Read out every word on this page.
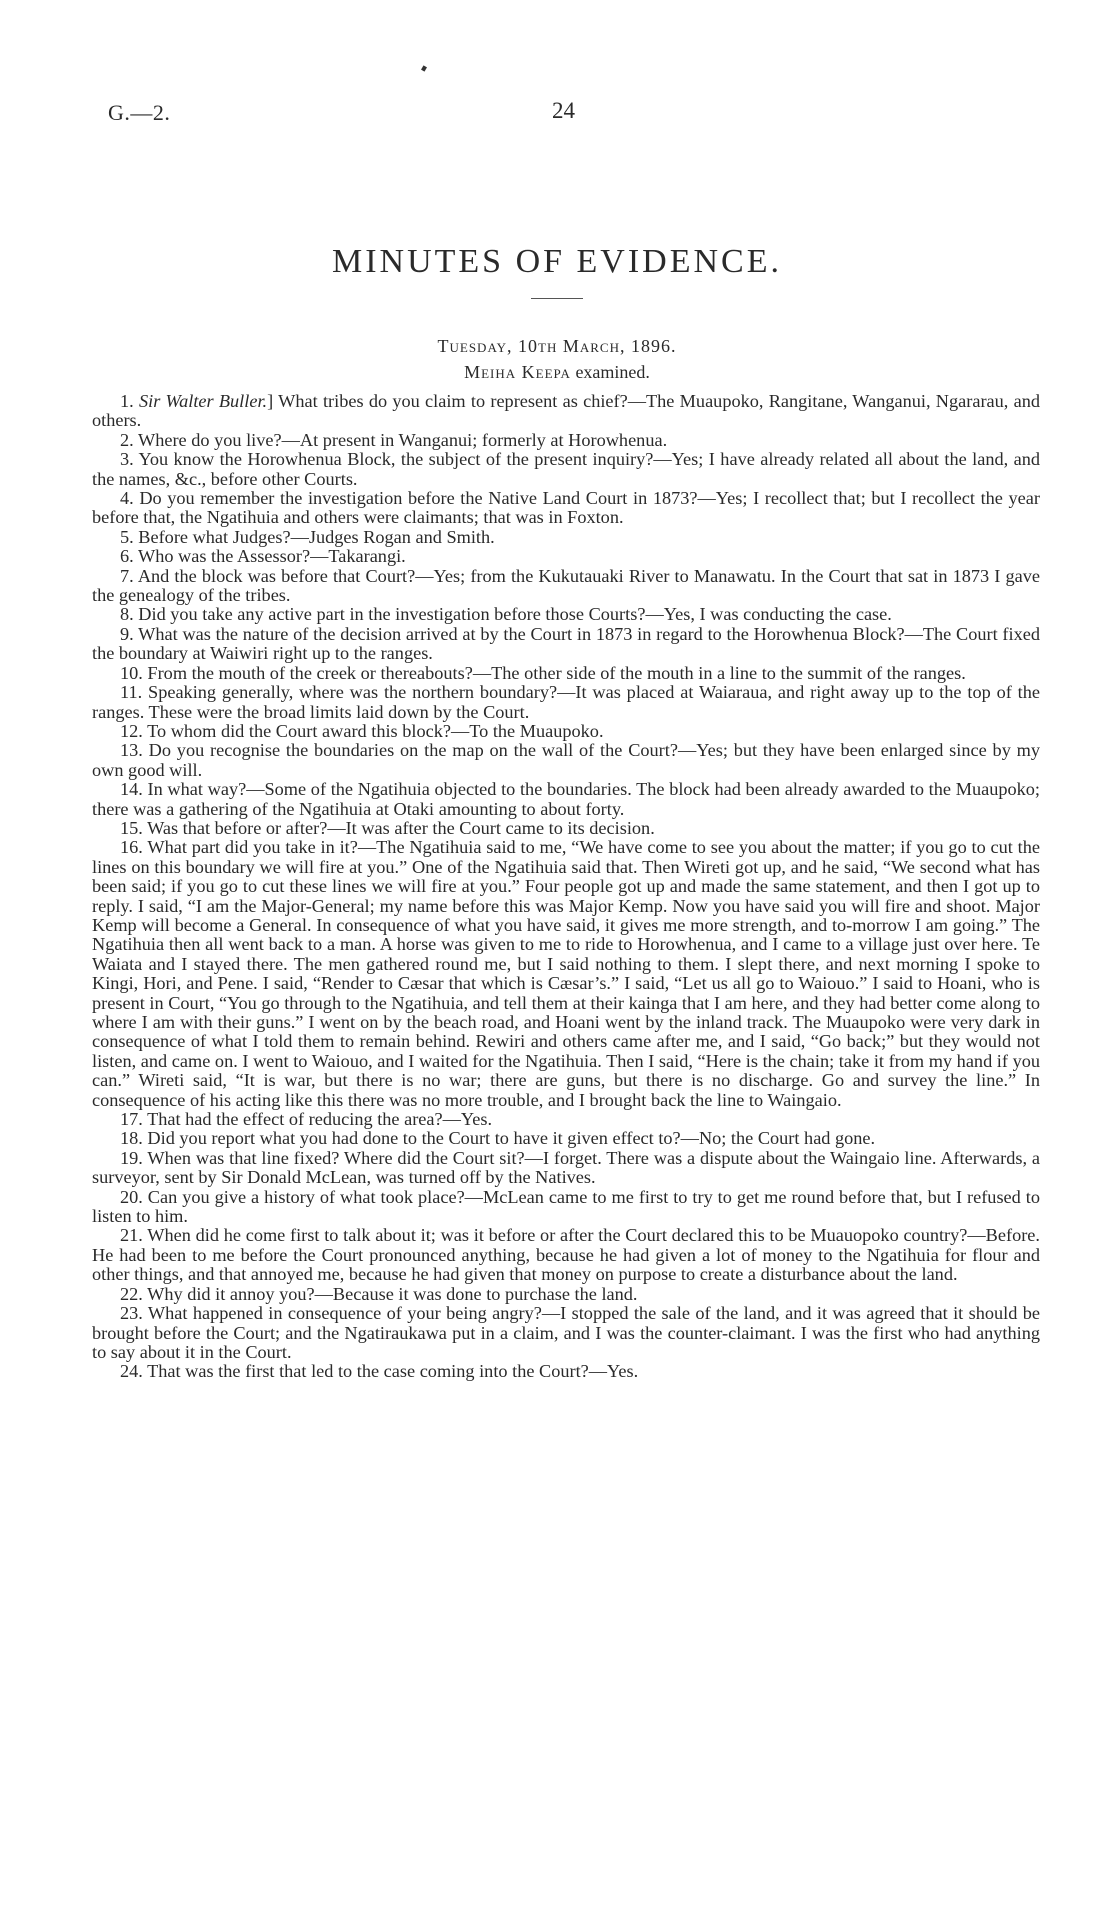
G.—2.	24
MINUTES OF EVIDENCE.
Tuesday, 10th March, 1896.
Meiha Keepa examined.

1. Sir Walter Buller.] What tribes do you claim to represent as chief?—The Muaupoko, Rangitane, Wanganui, Ngararau, and others.

2. Where do you live?—At present in Wanganui; formerly at Horowhenua.

3. You know the Horowhenua Block, the subject of the present inquiry?—Yes; I have already related all about the land, and the names, &c., before other Courts.

4. Do you remember the investigation before the Native Land Court in 1873?—Yes; I recollect that; but I recollect the year before that, the Ngatihuia and others were claimants; that was in Foxton.

5. Before what Judges?—Judges Rogan and Smith.

6. Who was the Assessor?—Takarangi.

7. And the block was before that Court?—Yes; from the Kukutauaki River to Manawatu. In the Court that sat in 1873 I gave the genealogy of the tribes.

8. Did you take any active part in the investigation before those Courts?—Yes, I was conducting the case.

9. What was the nature of the decision arrived at by the Court in 1873 in regard to the Horowhenua Block?—The Court fixed the boundary at Waiwiri right up to the ranges.

10. From the mouth of the creek or thereabouts?—The other side of the mouth in a line to the summit of the ranges.

11. Speaking generally, where was the northern boundary?—It was placed at Waiaraua, and right away up to the top of the ranges. These were the broad limits laid down by the Court.

12. To whom did the Court award this block?—To the Muaupoko.

13. Do you recognise the boundaries on the map on the wall of the Court?—Yes; but they have been enlarged since by my own good will.

14. In what way?—Some of the Ngatihuia objected to the boundaries. The block had been already awarded to the Muaupoko; there was a gathering of the Ngatihuia at Otaki amounting to about forty.

15. Was that before or after?—It was after the Court came to its decision.

16. What part did you take in it?—The Ngatihuia said to me, “We have come to see you about the matter; if you go to cut the lines on this boundary we will fire at you.” One of the Ngatihuia said that. Then Wireti got up, and he said, “We second what has been said; if you go to cut these lines we will fire at you.” Four people got up and made the same statement, and then I got up to reply. I said, “I am the Major-General; my name before this was Major Kemp. Now you have said you will fire and shoot. Major Kemp will become a General. In consequence of what you have said, it gives me more strength, and to-morrow I am going.” The Ngatihuia then all went back to a man. A horse was given to me to ride to Horowhenua, and I came to a village just over here. Te Waiata and I stayed there. The men gathered round me, but I said nothing to them. I slept there, and next morning I spoke to Kingi, Hori, and Pene. I said, “Render to Cæsar that which is Cæsar’s.” I said, “Let us all go to Waiouo.” I said to Hoani, who is present in Court, “You go through to the Ngatihuia, and tell them at their kainga that I am here, and they had better come along to where I am with their guns.” I went on by the beach road, and Hoani went by the inland track. The Muaupoko were very dark in consequence of what I told them to remain behind. Rewiri and others came after me, and I said, “Go back;” but they would not listen, and came on. I went to Waiouo, and I waited for the Ngatihuia. Then I said, “Here is the chain; take it from my hand if you can.” Wireti said, “It is war, but there is no war; there are guns, but there is no discharge. Go and survey the line.” In consequence of his acting like this there was no more trouble, and I brought back the line to Waingaio.

17. That had the effect of reducing the area?—Yes.

18. Did you report what you had done to the Court to have it given effect to?—No; the Court had gone.

19. When was that line fixed? Where did the Court sit?—I forget. There was a dispute about the Waingaio line. Afterwards, a surveyor, sent by Sir Donald McLean, was turned off by the Natives.

20. Can you give a history of what took place?—McLean came to me first to try to get me round before that, but I refused to listen to him.

21. When did he come first to talk about it; was it before or after the Court declared this to be Muauopoko country?—Before. He had been to me before the Court pronounced anything, because he had given a lot of money to the Ngatihuia for flour and other things, and that annoyed me, because he had given that money on purpose to create a disturbance about the land.

22. Why did it annoy you?—Because it was done to purchase the land.

23. What happened in consequence of your being angry?—I stopped the sale of the land, and it was agreed that it should be brought before the Court; and the Ngatiraukawa put in a claim, and I was the counter-claimant. I was the first who had anything to say about it in the Court.

24. That was the first that led to the case coming into the Court?—Yes.
